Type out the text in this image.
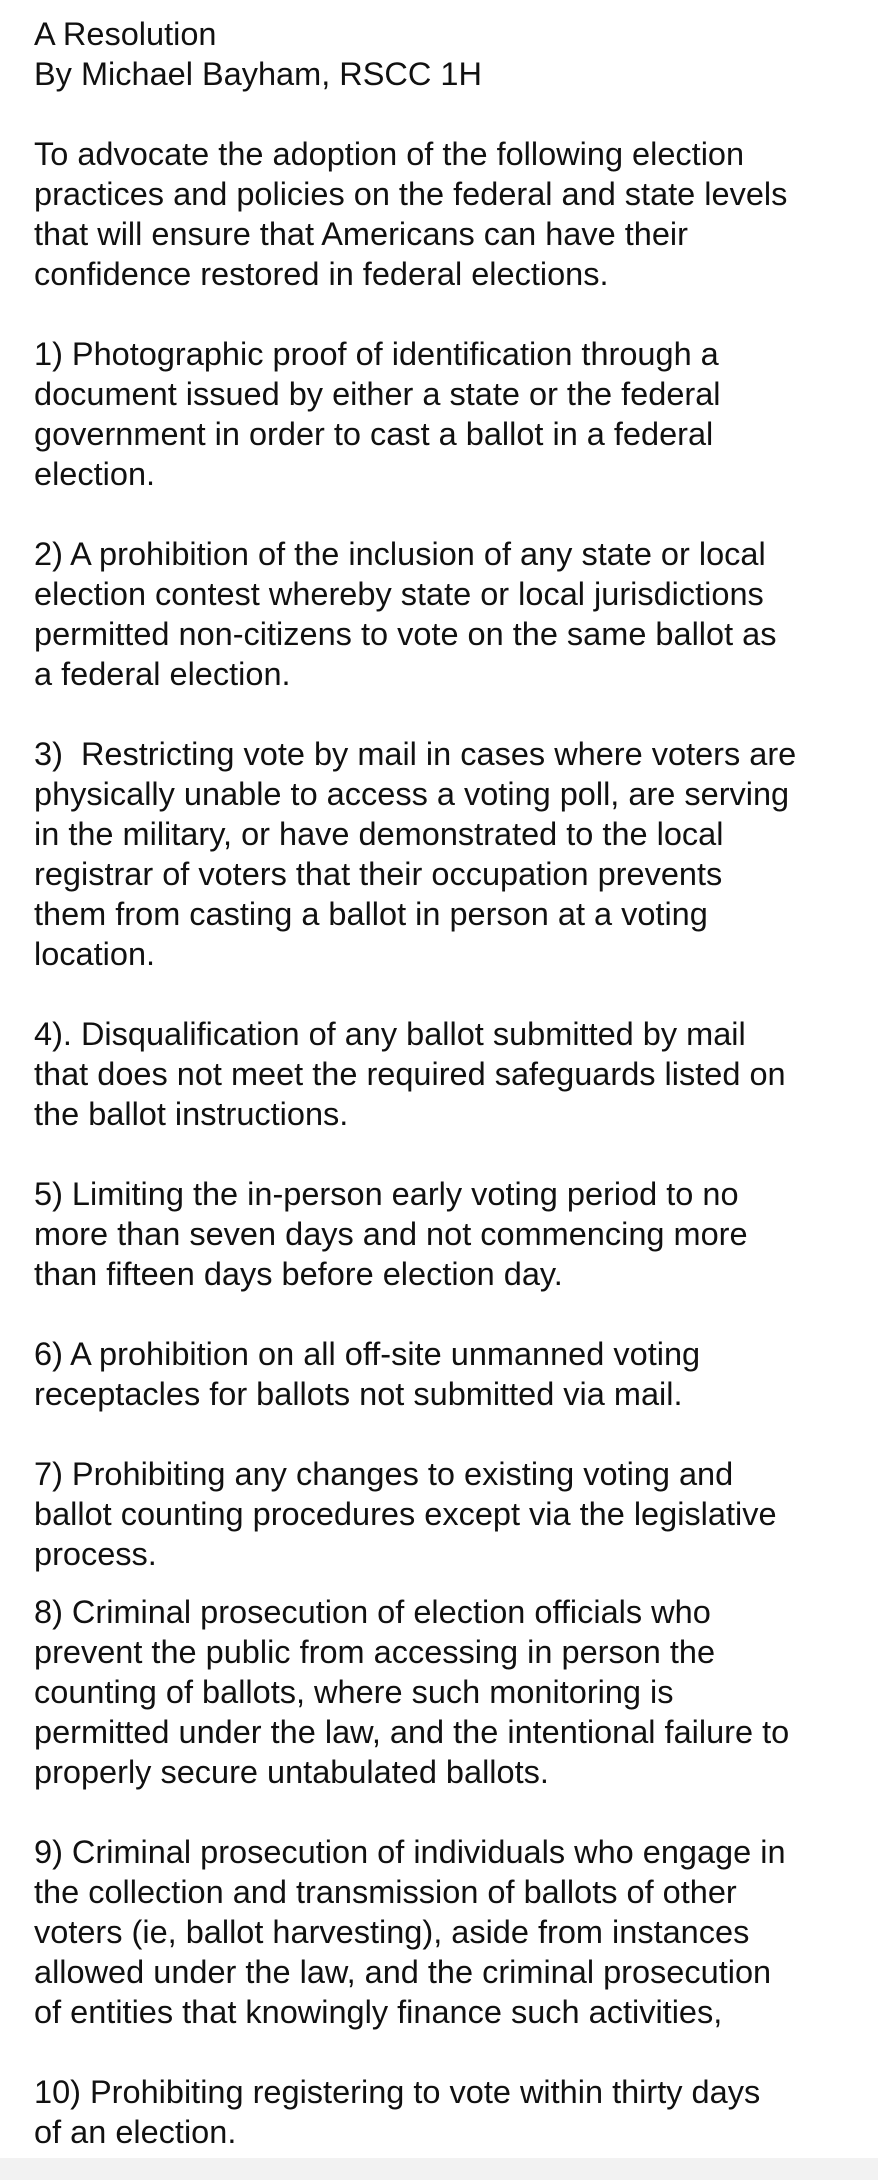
A Resolution

By Michael Bayham, RSCC 1H

To advocate the adoption of the following election

practices and policies on the federal and state levels

that will ensure that Americans can have their

confidence restored in federal elections.

1) Photographic proof of identification through a

document issued by either a state or the federal

government in order to cast a ballot in a federal

election.

2) A prohibition of the inclusion of any state or local

election contest whereby state or local jurisdictions

permitted non-citizens to vote on the same ballot as

a federal election.

3)  Restricting vote by mail in cases where voters are

physically unable to access a voting poll, are serving

in the military, or have demonstrated to the local

registrar of voters that their occupation prevents

them from casting a ballot in person at a voting

location.

4). Disqualification of any ballot submitted by mail

that does not meet the required safeguards listed on

the ballot instructions.

5) Limiting the in-person early voting period to no

more than seven days and not commencing more

than fifteen days before election day.

6) A prohibition on all off-site unmanned voting

receptacles for ballots not submitted via mail.

7) Prohibiting any changes to existing voting and

ballot counting procedures except via the legislative

process.

8) Criminal prosecution of election officials who

prevent the public from accessing in person the

counting of ballots, where such monitoring is

permitted under the law, and the intentional failure to

properly secure untabulated ballots.

9) Criminal prosecution of individuals who engage in

the collection and transmission of ballots of other

voters (ie, ballot harvesting), aside from instances

allowed under the law, and the criminal prosecution

of entities that knowingly finance such activities,

10) Prohibiting registering to vote within thirty days

of an election.
